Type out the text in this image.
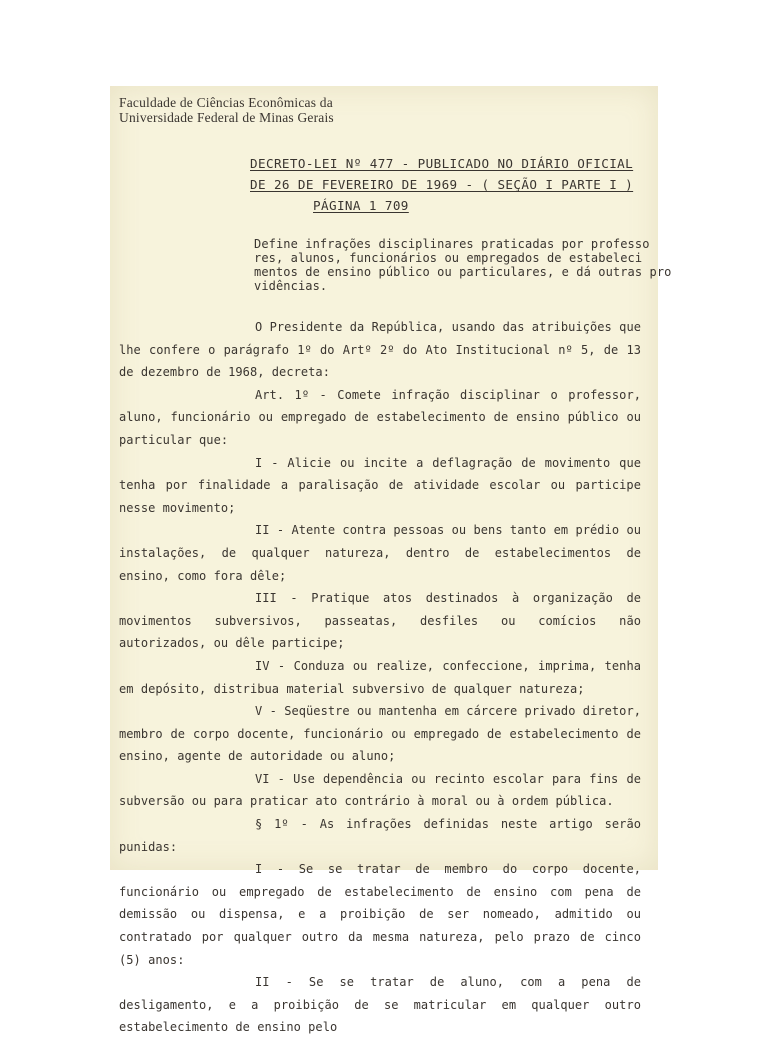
Faculdade de Ciências Econômicas da
Universidade Federal de Minas Gerais
DECRETO-LEI Nº 477 - PUBLICADO NO DIÁRIO OFICIAL
DE 26 DE FEVEREIRO DE 1969 - ( SEÇÃO I PARTE I )
PÁGINA 1 709
Define infrações disciplinares praticadas por professo
res, alunos, funcionários ou empregados de estabeleci
mentos de ensino público ou particulares, e dá outras pro
vidências.

O Presidente da República, usando das atribuições que lhe confere o parágrafo 1º do Artº 2º do Ato Institucional nº 5, de 13 de dezembro de 1968, decreta:

Art. 1º - Comete infração disciplinar o professor, aluno, funcionário ou empregado de estabelecimento de ensino público ou particular que:

I - Alicie ou incite a deflagração de movimento que tenha por finalidade a paralisação de atividade escolar ou participe nesse movimento;

II - Atente contra pessoas ou bens tanto em prédio ou instalações, de qualquer natureza, dentro de estabelecimentos de ensino, como fora dêle;

III - Pratique atos destinados à organização de movimentos subversivos, passeatas, desfiles ou comícios não autorizados, ou dêle participe;

IV - Conduza ou realize, confeccione, imprima, tenha em depósito, distribua material subversivo de qualquer natureza;

V - Seqüestre ou mantenha em cárcere privado diretor, membro de corpo docente, funcionário ou empregado de estabelecimento de ensino, agente de autoridade ou aluno;

VI - Use dependência ou recinto escolar para fins de subversão ou para praticar ato contrário à moral ou à ordem pública.

§ 1º - As infrações definidas neste artigo serão punidas:

I - Se se tratar de membro do corpo docente, funcionário ou empregado de estabelecimento de ensino com pena de demissão ou dispensa, e a proibição de ser nomeado, admitido ou contratado por qualquer outro da mesma natureza, pelo prazo de cinco (5) anos:

II - Se se tratar de aluno, com a pena de desligamento, e a proibição de se matricular em qualquer outro estabelecimento de ensino pelo
